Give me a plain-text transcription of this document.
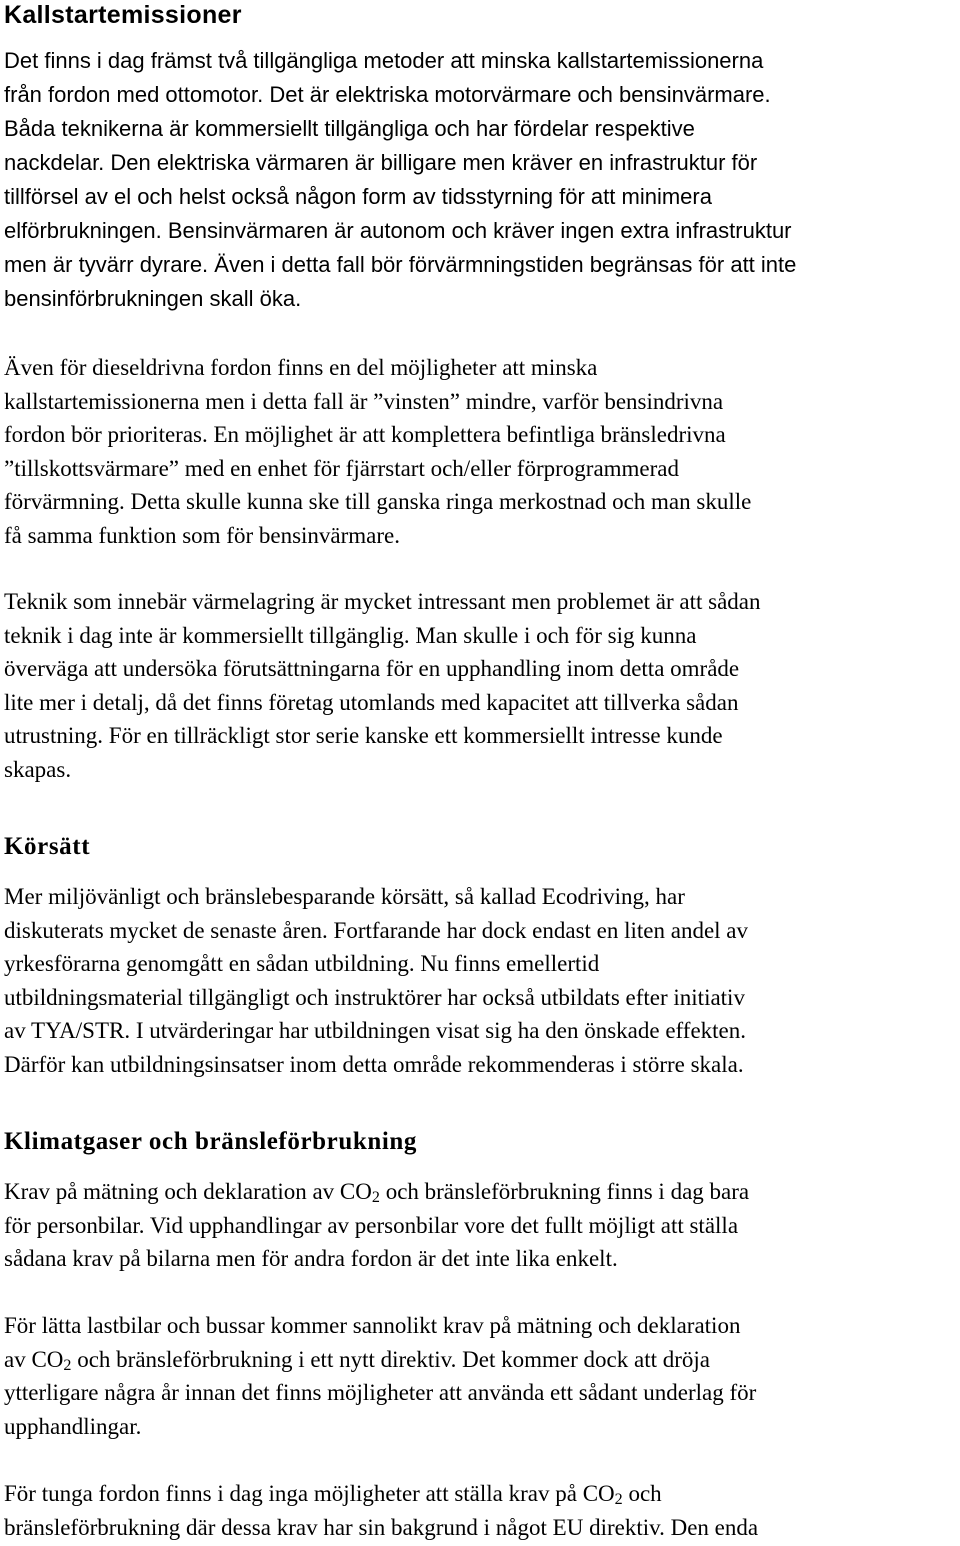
Kallstartemissioner

Det finns i dag främst två tillgängliga metoder att minska kallstartemissionerna
från fordon med ottomotor. Det är elektriska motorvärmare och bensinvärmare.
Båda teknikerna är kommersiellt tillgängliga och har fördelar respektive
nackdelar. Den elektriska värmaren är billigare men kräver en infrastruktur för
tillförsel av el och helst också någon form av tidsstyrning för att minimera
elförbrukningen. Bensinvärmaren är autonom och kräver ingen extra infrastruktur
men är tyvärr dyrare. Även i detta fall bör förvärmningstiden begränsas för att inte
bensinförbrukningen skall öka.

Även för dieseldrivna fordon finns en del möjligheter att minska
kallstartemissionerna men i detta fall är ”vinsten” mindre, varför bensindrivna
fordon bör prioriteras. En möjlighet är att komplettera befintliga bränsledrivna
”tillskottsvärmare” med en enhet för fjärrstart och/eller förprogrammerad
förvärmning. Detta skulle kunna ske till ganska ringa merkostnad och man skulle
få samma funktion som för bensinvärmare.

Teknik som innebär värmelagring är mycket intressant men problemet är att sådan
teknik i dag inte är kommersiellt tillgänglig. Man skulle i och för sig kunna
överväga att undersöka förutsättningarna för en upphandling inom detta område
lite mer i detalj, då det finns företag utomlands med kapacitet att tillverka sådan
utrustning. För en tillräckligt stor serie kanske ett kommersiellt intresse kunde
skapas.

Körsätt

Mer miljövänligt och bränslebesparande körsätt, så kallad Ecodriving, har
diskuterats mycket de senaste åren. Fortfarande har dock endast en liten andel av
yrkesförarna genomgått en sådan utbildning. Nu finns emellertid
utbildningsmaterial tillgängligt och instruktörer har också utbildats efter initiativ
av TYA/STR. I utvärderingar har utbildningen visat sig ha den önskade effekten.
Därför kan utbildningsinsatser inom detta område rekommenderas i större skala.

Klimatgaser och bränsleförbrukning

Krav på mätning och deklaration av $CO_2$ och bränsleförbrukning finns i dag bara
för personbilar. Vid upphandlingar av personbilar vore det fullt möjligt att ställa
sådana krav på bilarna men för andra fordon är det inte lika enkelt.

För lätta lastbilar och bussar kommer sannolikt krav på mätning och deklaration
av $CO_2$ och bränsleförbrukning i ett nytt direktiv. Det kommer dock att dröja
ytterligare några år innan det finns möjligheter att använda ett sådant underlag för
upphandlingar.

För tunga fordon finns i dag inga möjligheter att ställa krav på $CO_2$ och
bränsleförbrukning där dessa krav har sin bakgrund i något EU direktiv. Den enda
